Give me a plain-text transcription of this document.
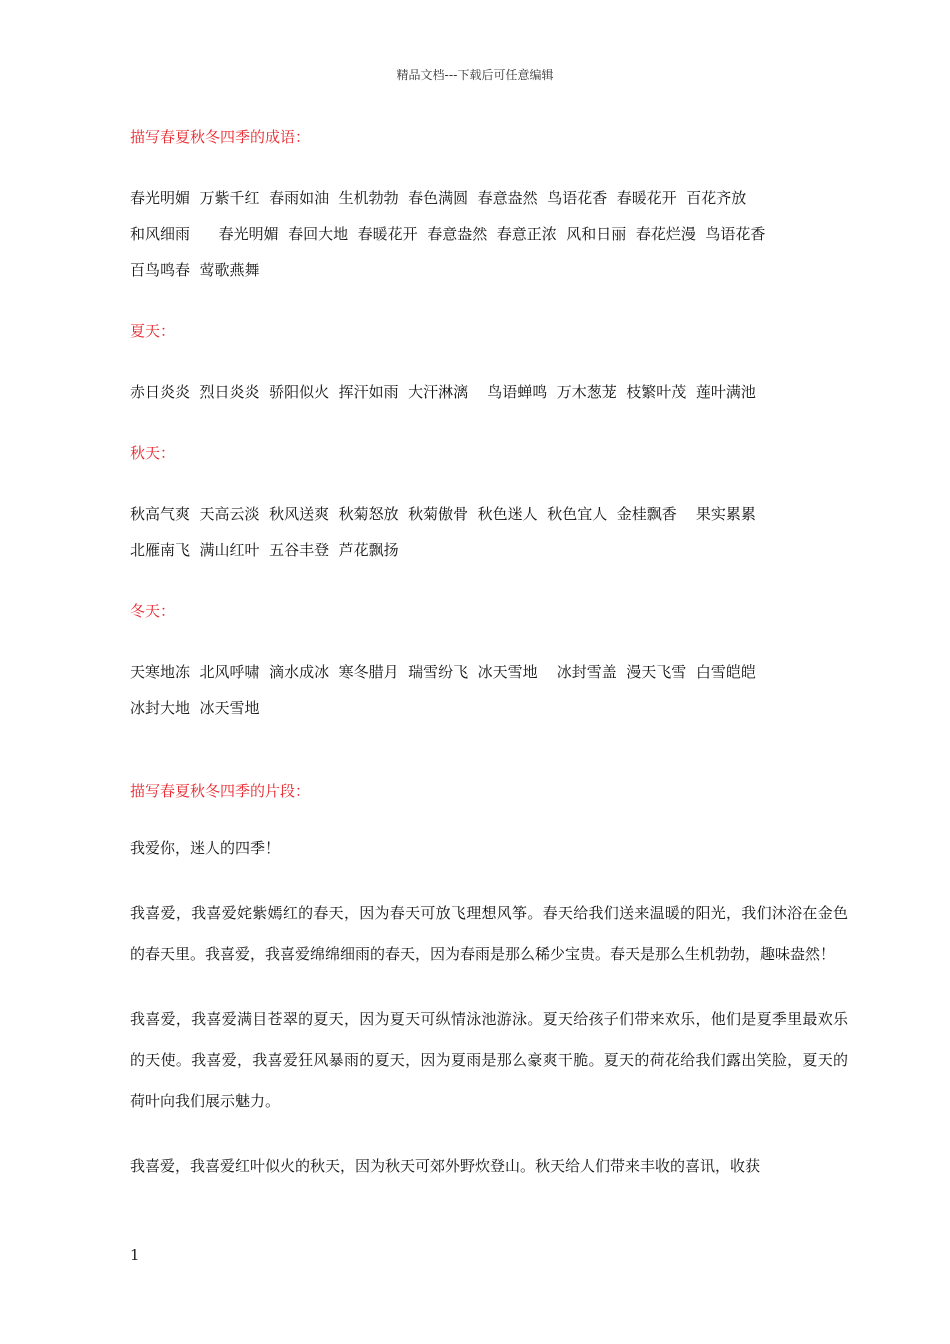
精品文档---下载后可任意编辑
描写春夏秋冬四季的成语：
春光明媚  万紫千红  春雨如油  生机勃勃  春色满圆  春意盎然  鸟语花香  春暖花开  百花齐放
和风细雨      春光明媚  春回大地  春暖花开  春意盎然  春意正浓  风和日丽  春花烂漫  鸟语花香
百鸟鸣春  莺歌燕舞
夏天：
赤日炎炎  烈日炎炎  骄阳似火  挥汗如雨  大汗淋漓    鸟语蝉鸣  万木葱茏  枝繁叶茂  莲叶满池
秋天：
秋高气爽  天高云淡  秋风送爽  秋菊怒放  秋菊傲骨  秋色迷人  秋色宜人  金桂飘香    果实累累
北雁南飞  满山红叶  五谷丰登  芦花飘扬
冬天：
天寒地冻  北风呼啸  滴水成冰  寒冬腊月  瑞雪纷飞  冰天雪地    冰封雪盖  漫天飞雪  白雪皑皑
冰封大地  冰天雪地
描写春夏秋冬四季的片段：
我爱你，迷人的四季！
我喜爱，我喜爱姹紫嫣红的春天，因为春天可放飞理想风筝。春天给我们送来温暖的阳光，我们沐浴在金色的春天里。我喜爱，我喜爱绵绵细雨的春天，因为春雨是那么稀少宝贵。春天是那么生机勃勃，趣味盎然！
我喜爱，我喜爱满目苍翠的夏天，因为夏天可纵情泳池游泳。夏天给孩子们带来欢乐，他们是夏季里最欢乐的天使。我喜爱，我喜爱狂风暴雨的夏天，因为夏雨是那么豪爽干脆。夏天的荷花给我们露出笑脸，夏天的荷叶向我们展示魅力。
我喜爱，我喜爱红叶似火的秋天，因为秋天可郊外野炊登山。秋天给人们带来丰收的喜讯，收获
1
